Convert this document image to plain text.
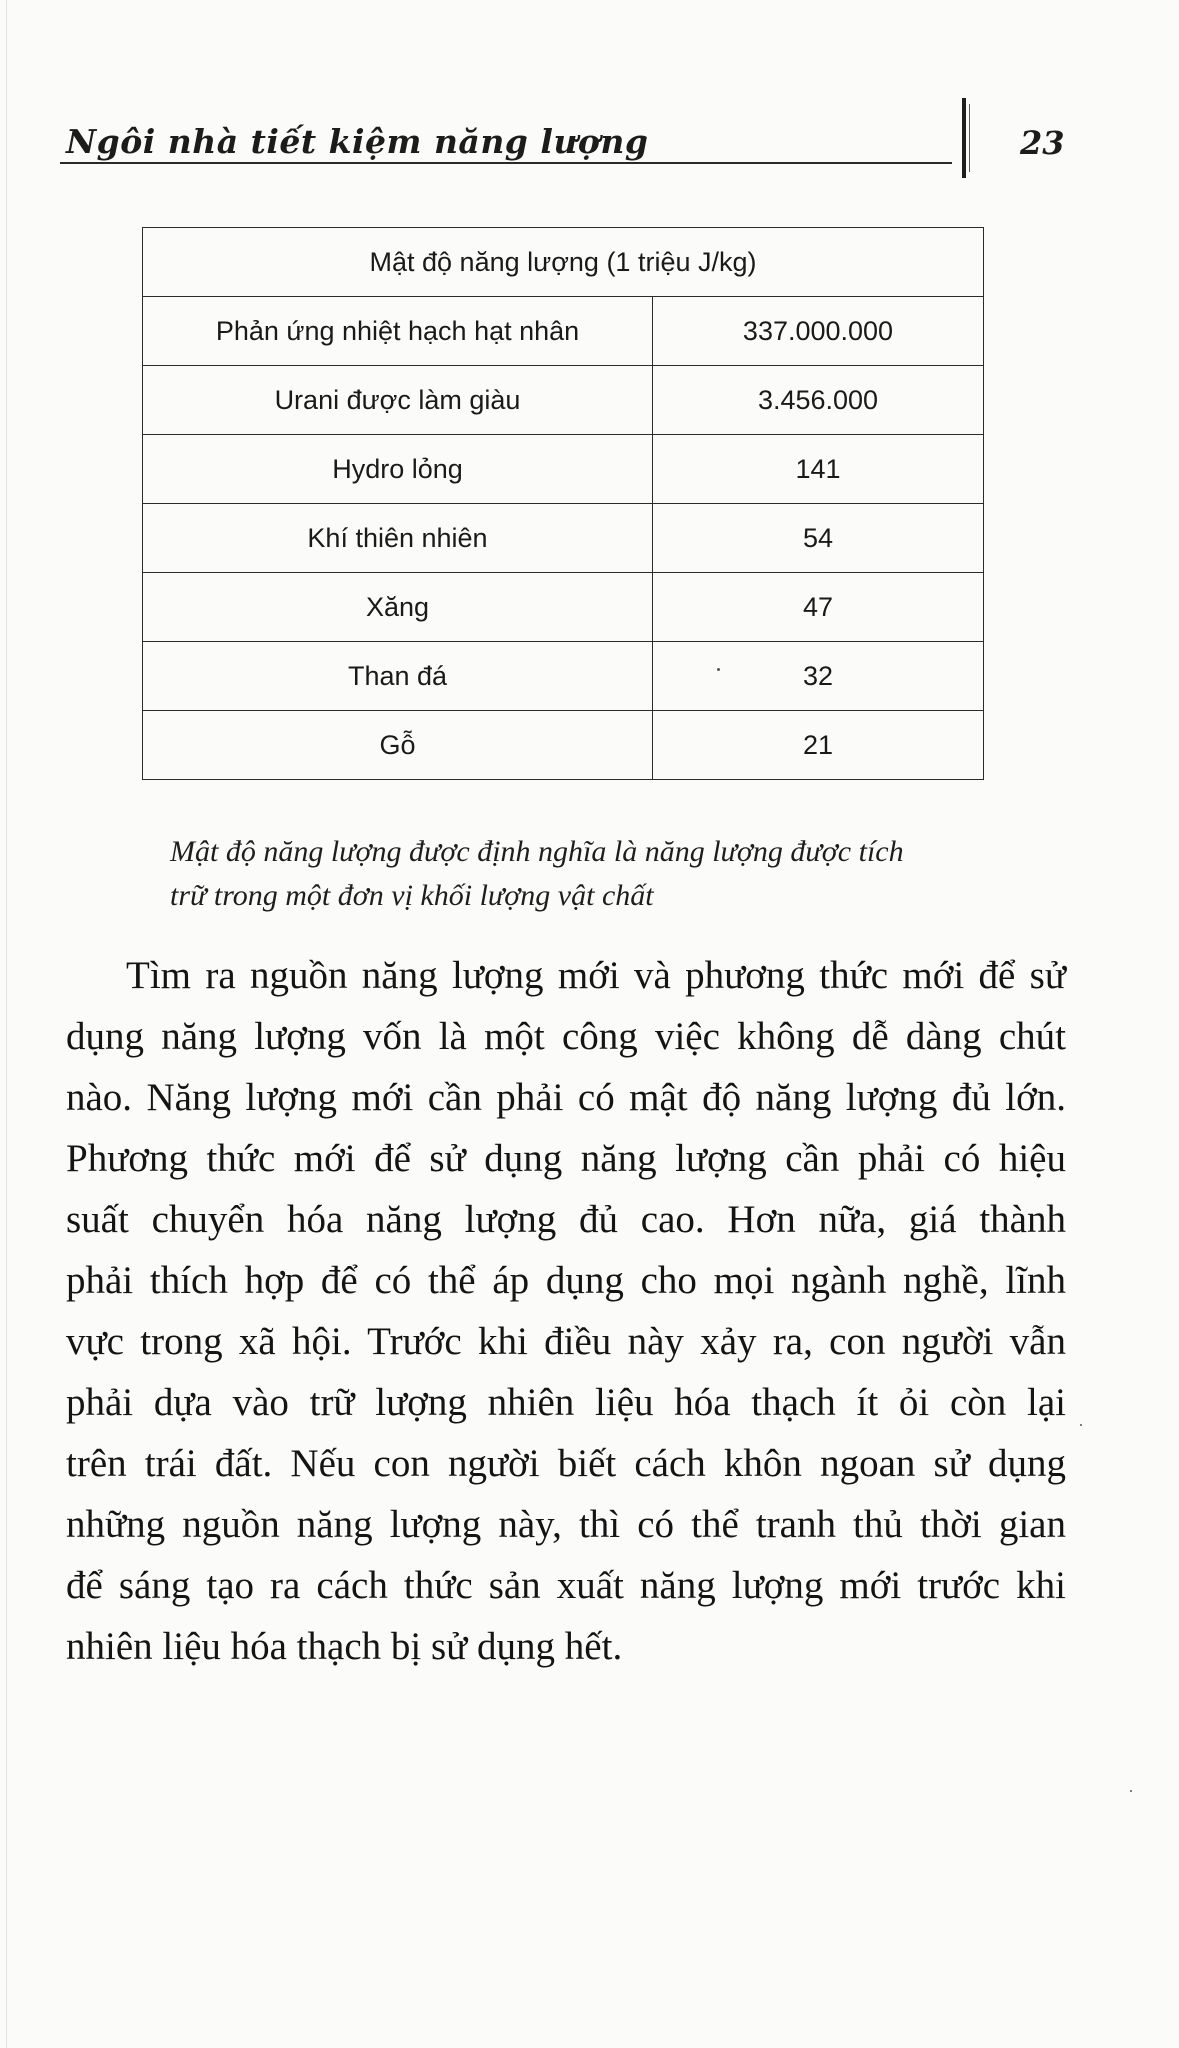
Ngôi nhà tiết kiệm năng lượng	23
Mật độ năng lượng (1 triệu J/kg)	
Phản ứng nhiệt hạch hạt nhân	337.000.000
Urani được làm giàu	3.456.000
Hydro lỏng	141
Khí thiên nhiên	54
Xăng	47
Than đá	32
Gỗ	21

Mật độ năng lượng được định nghĩa là năng lượng được tích
trữ trong một đơn vị khối lượng vật chất

Tìm ra nguồn năng lượng mới và phương thức mới để sử
dụng năng lượng vốn là một công việc không dễ dàng chút
nào. Năng lượng mới cần phải có mật độ năng lượng đủ lớn.
Phương thức mới để sử dụng năng lượng cần phải có hiệu
suất chuyển hóa năng lượng đủ cao. Hơn nữa, giá thành
phải thích hợp để có thể áp dụng cho mọi ngành nghề, lĩnh
vực trong xã hội. Trước khi điều này xảy ra, con người vẫn
phải dựa vào trữ lượng nhiên liệu hóa thạch ít ỏi còn lại
trên trái đất. Nếu con người biết cách khôn ngoan sử dụng
những nguồn năng lượng này, thì có thể tranh thủ thời gian
để sáng tạo ra cách thức sản xuất năng lượng mới trước khi
nhiên liệu hóa thạch bị sử dụng hết.
